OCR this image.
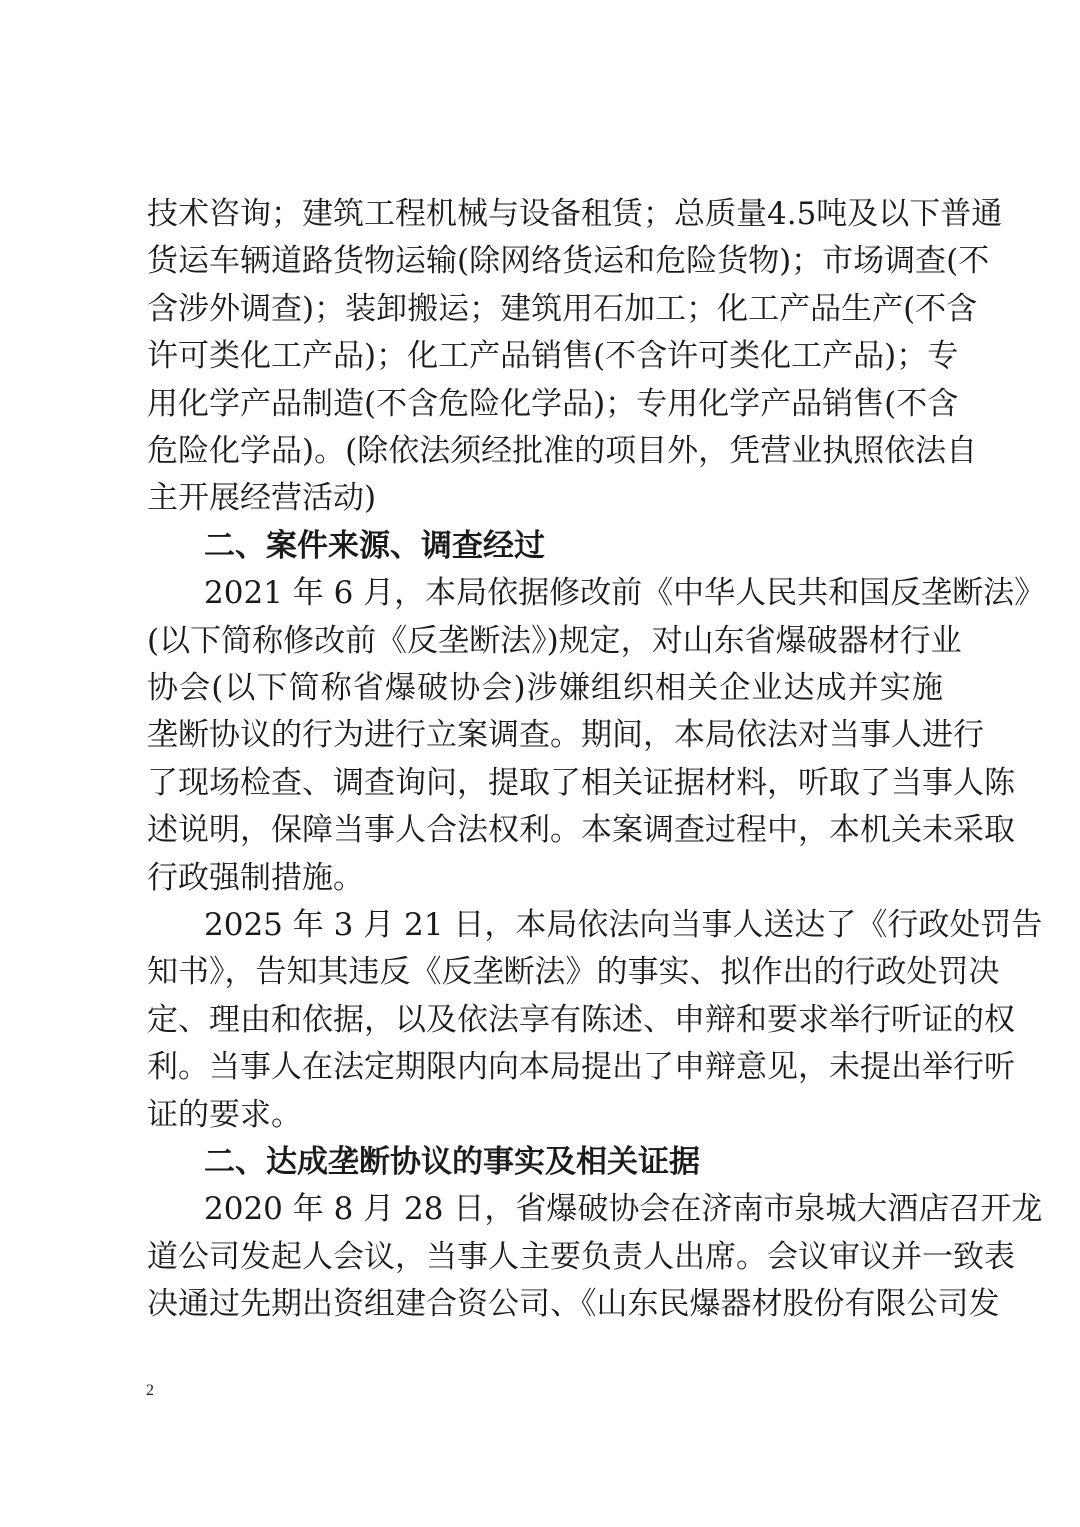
技术咨询；建筑工程机械与设备租赁；总质量4.5吨及以下普通
货运车辆道路货物运输(除网络货运和危险货物)；市场调查(不
含涉外调查)；装卸搬运；建筑用石加工；化工产品生产(不含
许可类化工产品)；化工产品销售(不含许可类化工产品)；专
用化学产品制造(不含危险化学品)；专用化学产品销售(不含
危险化学品)。(除依法须经批准的项目外，凭营业执照依法自
主开展经营活动)
二、案件来源、调查经过
2021 年 6 月，本局依据修改前《中华人民共和国反垄断法》
(以下简称修改前《反垄断法》)规定，对山东省爆破器材行业
协会(以下简称省爆破协会)涉嫌组织相关企业达成并实施
垄断协议的行为进行立案调查。期间，本局依法对当事人进行
了现场检查、调查询问，提取了相关证据材料，听取了当事人陈
述说明，保障当事人合法权利。本案调查过程中，本机关未采取
行政强制措施。
2025 年 3 月 21 日，本局依法向当事人送达了《行政处罚告
知书》，告知其违反《反垄断法》的事实、拟作出的行政处罚决
定、理由和依据，以及依法享有陈述、申辩和要求举行听证的权
利。当事人在法定期限内向本局提出了申辩意见，未提出举行听
证的要求。
二、达成垄断协议的事实及相关证据
2020 年 8 月 28 日，省爆破协会在济南市泉城大酒店召开龙
道公司发起人会议，当事人主要负责人出席。会议审议并一致表
决通过先期出资组建合资公司、《山东民爆器材股份有限公司发
2
